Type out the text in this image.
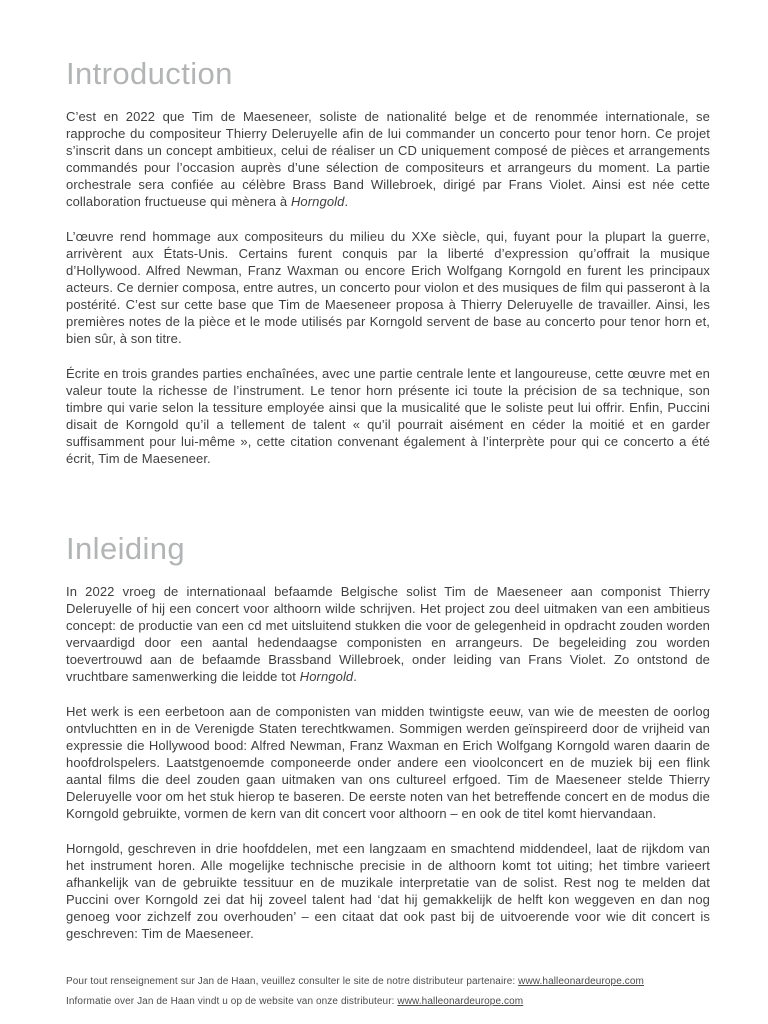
Introduction

C’est en 2022 que Tim de Maeseneer, soliste de nationalité belge et de renommée internationale, se rapproche du compositeur Thierry Deleruyelle afin de lui commander un concerto pour tenor horn. Ce projet s’inscrit dans un concept ambitieux, celui de réaliser un CD uniquement composé de pièces et arrangements commandés pour l’occasion auprès d’une sélection de compositeurs et arrangeurs du moment. La partie orchestrale sera confiée au célèbre Brass Band Willebroek, dirigé par Frans Violet. Ainsi est née cette collaboration fructueuse qui mènera à Horngold.

L’œuvre rend hommage aux compositeurs du milieu du XXe siècle, qui, fuyant pour la plupart la guerre, arrivèrent aux États-Unis. Certains furent conquis par la liberté d’expression qu’offrait la musique d’Hollywood. Alfred Newman, Franz Waxman ou encore Erich Wolfgang Korngold en furent les principaux acteurs. Ce dernier composa, entre autres, un concerto pour violon et des musiques de film qui passeront à la postérité. C’est sur cette base que Tim de Maeseneer proposa à Thierry Deleruyelle de travailler. Ainsi, les premières notes de la pièce et le mode utilisés par Korngold servent de base au concerto pour tenor horn et, bien sûr, à son titre.

Écrite en trois grandes parties enchaînées, avec une partie centrale lente et langoureuse, cette œuvre met en valeur toute la richesse de l’instrument. Le tenor horn présente ici toute la précision de sa technique, son timbre qui varie selon la tessiture employée ainsi que la musicalité que le soliste peut lui offrir. Enfin, Puccini disait de Korngold qu’il a tellement de talent « qu’il pourrait aisément en céder la moitié et en garder suffisamment pour lui-même », cette citation convenant également à l’interprète pour qui ce concerto a été écrit, Tim de Maeseneer.

Inleiding

In 2022 vroeg de internationaal befaamde Belgische solist Tim de Maeseneer aan componist Thierry Deleruyelle of hij een concert voor althoorn wilde schrijven. Het project zou deel uitmaken van een ambitieus concept: de productie van een cd met uitsluitend stukken die voor de gelegenheid in opdracht zouden worden vervaardigd door een aantal hedendaagse componisten en arrangeurs. De begeleiding zou worden toevertrouwd aan de befaamde Brassband Willebroek, onder leiding van Frans Violet. Zo ontstond de vruchtbare samenwerking die leidde tot Horngold.

Het werk is een eerbetoon aan de componisten van midden twintigste eeuw, van wie de meesten de oorlog ontvluchtten en in de Verenigde Staten terechtkwamen. Sommigen werden geïnspireerd door de vrijheid van expressie die Hollywood bood: Alfred Newman, Franz Waxman en Erich Wolfgang Korngold waren daarin de hoofdrolspelers. Laatstgenoemde componeerde onder andere een vioolconcert en de muziek bij een flink aantal films die deel zouden gaan uitmaken van ons cultureel erfgoed. Tim de Maeseneer stelde Thierry Deleruyelle voor om het stuk hierop te baseren. De eerste noten van het betreffende concert en de modus die Korngold gebruikte, vormen de kern van dit concert voor althoorn – en ook de titel komt hiervandaan.

Horngold, geschreven in drie hoofddelen, met een langzaam en smachtend middendeel, laat de rijkdom van het instrument horen. Alle mogelijke technische precisie in de althoorn komt tot uiting; het timbre varieert afhankelijk van de gebruikte tessituur en de muzikale interpretatie van de solist. Rest nog te melden dat Puccini over Korngold zei dat hij zoveel talent had ‘dat hij gemakkelijk de helft kon weggeven en dan nog genoeg voor zichzelf zou overhouden’ – een citaat dat ook past bij de uitvoerende voor wie dit concert is geschreven: Tim de Maeseneer.

Pour tout renseignement sur Jan de Haan, veuillez consulter le site de notre distributeur partenaire: www.halleonardeurope.com

Informatie over Jan de Haan vindt u op de website van onze distributeur: www.halleonardeurope.com
